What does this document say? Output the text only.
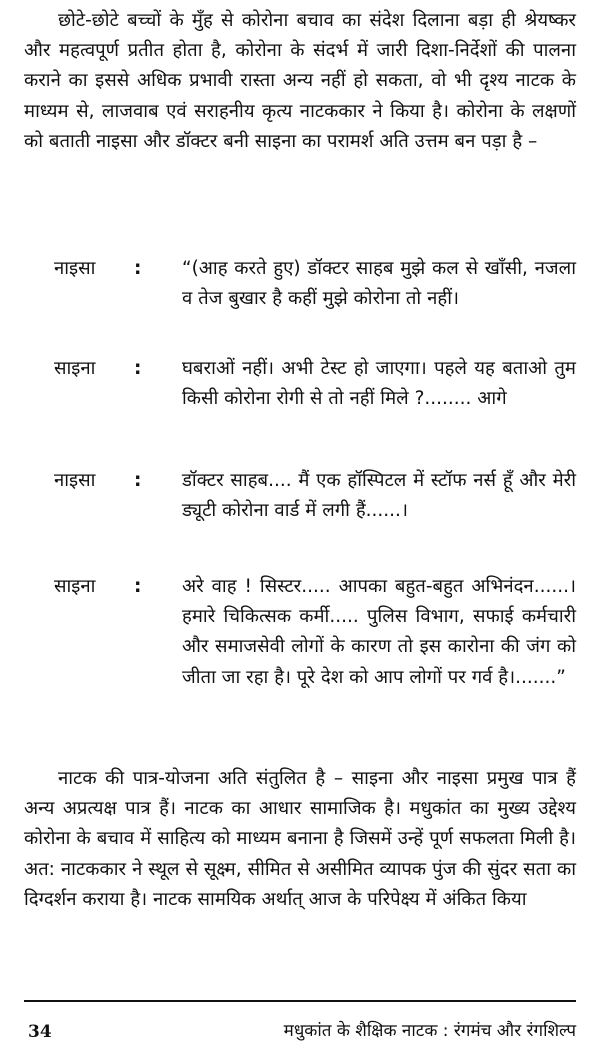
छोटे-छोटे बच्चों के मुँह से कोरोना बचाव का संदेश दिलाना बड़ा ही श्रेयष्कर और महत्वपूर्ण प्रतीत होता है, कोरोना के संदर्भ में जारी दिशा-निर्देशों की पालना कराने का इससे अधिक प्रभावी रास्ता अन्य नहीं हो सकता, वो भी दृश्य नाटक के माध्यम से, लाजवाब एवं सराहनीय कृत्य नाटककार ने किया है। कोरोना के लक्षणों को बताती नाइसा और डॉक्टर बनी साइना का परामर्श अति उत्तम बन पड़ा है –

नाइसा	:	“(आह करते हुए) डॉक्टर साहब मुझे कल से खाँसी, नजला व तेज बुखार है कहीं मुझे कोरोना तो नहीं।
साइना	:	घबराओं नहीं। अभी टेस्ट हो जाएगा। पहले यह बताओ तुम किसी कोरोना रोगी से तो नहीं मिले ?........ आगे
नाइसा	:	डॉक्टर साहब.... मैं एक हॉस्पिटल में स्टॉफ नर्स हूँ और मेरी ड्यूटी कोरोना वार्ड में लगी हैं......।
साइना	:	अरे वाह ! सिस्टर..... आपका बहुत-बहुत अभिनंदन......। हमारे चिकित्सक कर्मी..... पुलिस विभाग, सफाई कर्मचारी और समाजसेवी लोगों के कारण तो इस कारोना की जंग को जीता जा रहा है। पूरे देश को आप लोगों पर गर्व है।.......”

नाटक की पात्र-योजना अति संतुलित है – साइना और नाइसा प्रमुख पात्र हैं अन्य अप्रत्यक्ष पात्र हैं। नाटक का आधार सामाजिक है। मधुकांत का मुख्य उद्देश्य कोरोना के बचाव में साहित्य को माध्यम बनाना है जिसमें उन्हें पूर्ण सफलता मिली है। अत: नाटककार ने स्थूल से सूक्ष्म, सीमित से असीमित व्यापक पुंज की सुंदर सता का दिग्दर्शन कराया है। नाटक सामयिक अर्थात् आज के परिपेक्ष्य में अंकित किया

34	मधुकांत के शैक्षिक नाटक : रंगमंच और रंगशिल्प
